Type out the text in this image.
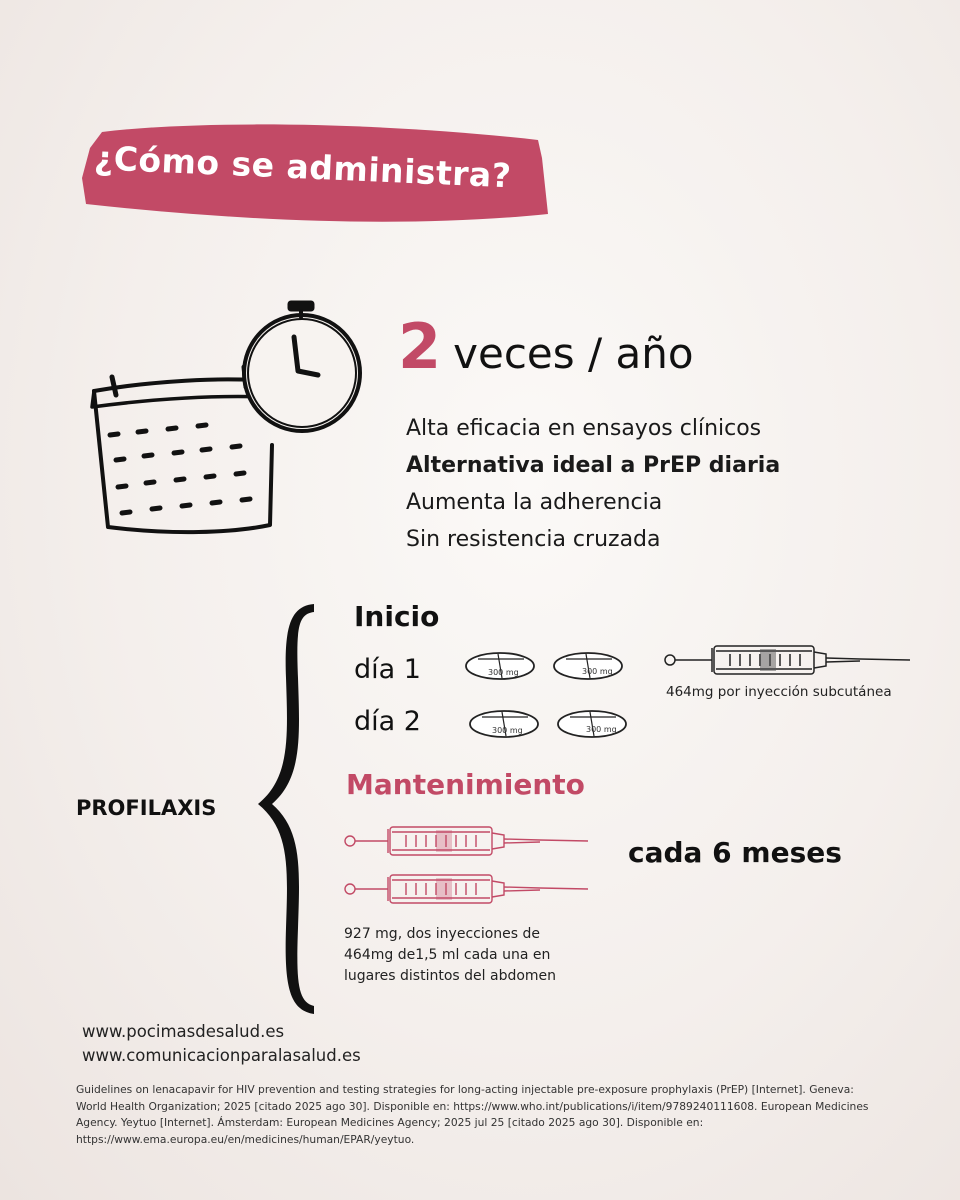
¿Cómo se administra?
2 veces / año
Alta eficacia en ensayos clínicos
Alternativa ideal a PrEP diaria
Aumenta la adherencia
Sin resistencia cruzada
PROFILAXIS
Inicio
día 1
día 2
300 mg	300 mg
300 mg	300 mg
464mg por inyección subcutánea
Mantenimiento
cada 6 meses
927 mg, dos inyecciones de 464mg de1,5 ml cada una en lugares distintos del abdomen
www.pocimasdesalud.es
www.comunicacionparalasalud.es
Guidelines on lenacapavir for HIV prevention and testing strategies for long-acting injectable pre-exposure prophylaxis (PrEP) [Internet]. Geneva: World Health Organization; 2025 [citado 2025 ago 30]. Disponible en: https://www.who.int/publications/i/item/9789240111608. European Medicines Agency. Yeytuo [Internet]. Ámsterdam: European Medicines Agency; 2025 jul 25 [citado 2025 ago 30]. Disponible en: https://www.ema.europa.eu/en/medicines/human/EPAR/yeytuo.
